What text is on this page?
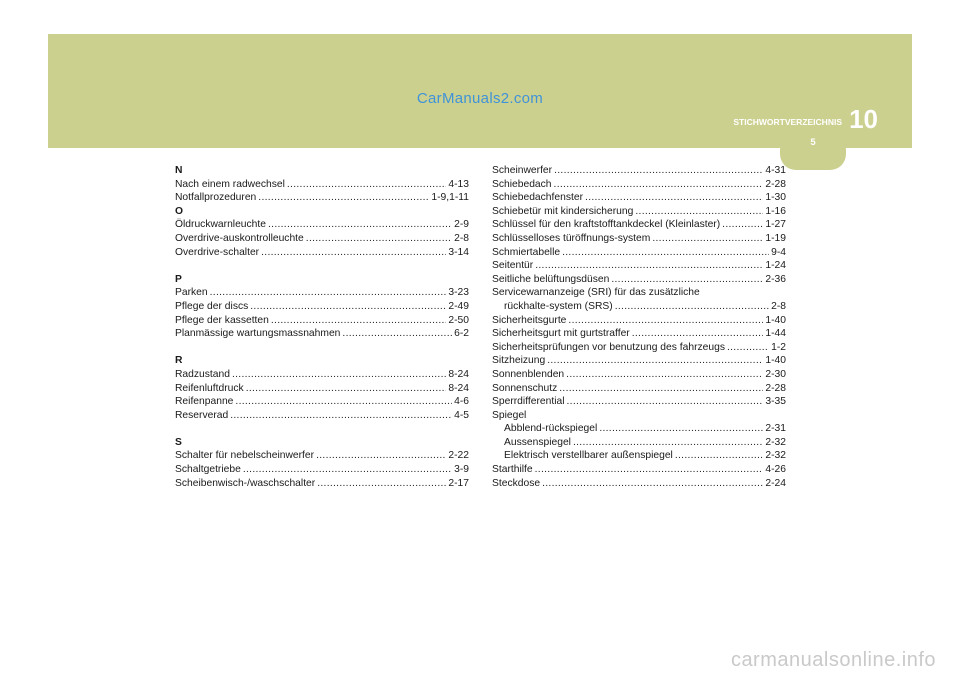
CarManuals2.com
STICHWORTVERZEICHNIS 10
5
N
Nach einem radwechsel .....	4-13
Notfallprozeduren .....	1-9,1-11
O
Öldruckwarnleuchte .....	2-9
Overdrive-auskontrolleuchte .....	2-8
Overdrive-schalter .....	3-14
P
Parken .....	3-23
Pflege der discs .....	2-49
Pflege der kassetten .....	2-50
Planmässige wartungsmassnahmen .....	6-2
R
Radzustand .....	8-24
Reifenluftdruck .....	8-24
Reifenpanne .....	4-6
Reserverad .....	4-5
S
Schalter für nebelscheinwerfer .....	2-22
Schaltgetriebe .....	3-9
Scheibenwisch-/waschschalter .....	2-17
Scheinwerfer .....	4-31
Schiebedach .....	2-28
Schiebedachfenster .....	1-30
Schiebetür mit kindersicherung .....	1-16
Schlüssel für den kraftstofftankdeckel (Kleinlaster) .....	1-27
Schlüsselloses türöffnungs-system .....	1-19
Schmiertabelle .....	9-4
Seitentür .....	1-24
Seitliche belüftungsdüsen .....	2-36
Servicewarnanzeige (SRI) für das zusätzliche
rückhalte-system (SRS) .....	2-8
Sicherheitsgurte .....	1-40
Sicherheitsgurt mit gurtstraffer .....	1-44
Sicherheitsprüfungen vor benutzung des fahrzeugs .....	1-2
Sitzheizung .....	1-40
Sonnenblenden .....	2-30
Sonnenschutz .....	2-28
Sperrdifferential .....	3-35
Spiegel
Abblend-rückspiegel .....	2-31
Aussenspiegel .....	2-32
Elektrisch verstellbarer außenspiegel .....	2-32
Starthilfe .....	4-26
Steckdose .....	2-24
carmanualsonline.info
